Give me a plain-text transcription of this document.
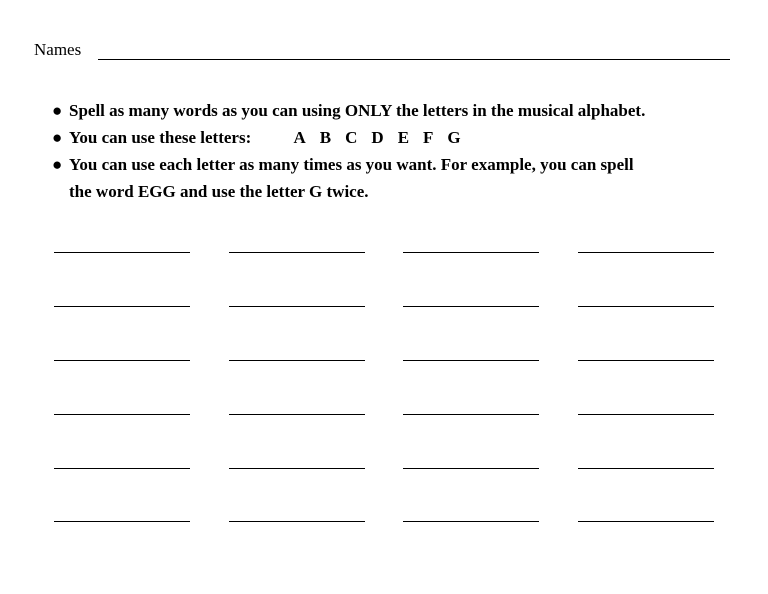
Names
● Spell as many words as you can using ONLY the letters in the musical alphabet.
● You can use these letters: A B C D E F G
● You can use each letter as many times as you want. For example, you can spell
the word EGG and use the letter G twice.
